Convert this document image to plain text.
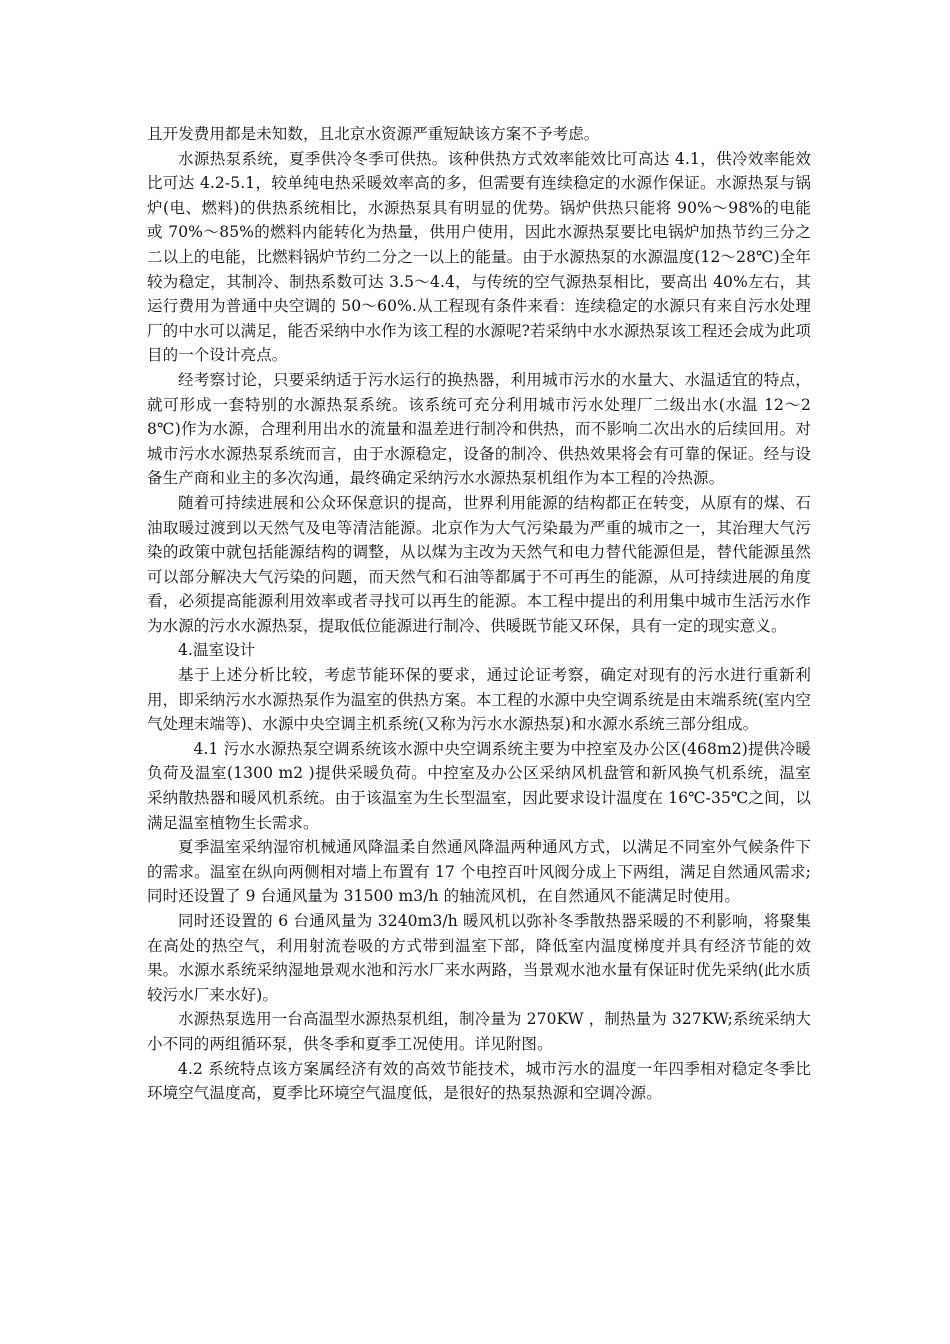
且开发费用都是未知数，且北京水资源严重短缺该方案不予考虑。

水源热泵系统，夏季供冷冬季可供热。该种供热方式效率能效比可高达 4.1，供冷效率能效比可达 4.2-5.1，较单纯电热采暖效率高的多，但需要有连续稳定的水源作保证。水源热泵与锅炉(电、燃料)的供热系统相比，水源热泵具有明显的优势。锅炉供热只能将 90%～98%的电能或 70%～85%的燃料内能转化为热量，供用户使用，因此水源热泵要比电锅炉加热节约三分之二以上的电能，比燃料锅炉节约二分之一以上的能量。由于水源热泵的水源温度(12～28℃)全年较为稳定，其制冷、制热系数可达 3.5～4.4，与传统的空气源热泵相比，要高出 40%左右，其运行费用为普通中央空调的 50～60%.从工程现有条件来看：连续稳定的水源只有来自污水处理厂的中水可以满足，能否采纳中水作为该工程的水源呢?若采纳中水水源热泵该工程还会成为此项目的一个设计亮点。

经考察讨论，只要采纳适于污水运行的换热器，利用城市污水的水量大、水温适宜的特点，就可形成一套特别的水源热泵系统。该系统可充分利用城市污水处理厂二级出水(水温 12～28℃)作为水源，合理利用出水的流量和温差进行制冷和供热，而不影响二次出水的后续回用。对城市污水水源热泵系统而言，由于水源稳定，设备的制冷、供热效果将会有可靠的保证。经与设备生产商和业主的多次沟通，最终确定采纳污水水源热泵机组作为本工程的冷热源。

随着可持续进展和公众环保意识的提高，世界利用能源的结构都正在转变，从原有的煤、石油取暖过渡到以天然气及电等清洁能源。北京作为大气污染最为严重的城市之一，其治理大气污染的政策中就包括能源结构的调整，从以煤为主改为天然气和电力替代能源但是，替代能源虽然可以部分解决大气污染的问题，而天然气和石油等都属于不可再生的能源，从可持续进展的角度看，必须提高能源利用效率或者寻找可以再生的能源。本工程中提出的利用集中城市生活污水作为水源的污水水源热泵，提取低位能源进行制冷、供暖既节能又环保，具有一定的现实意义。

4.温室设计

基于上述分析比较，考虑节能环保的要求，通过论证考察，确定对现有的污水进行重新利用，即采纳污水水源热泵作为温室的供热方案。本工程的水源中央空调系统是由末端系统(室内空气处理末端等)、水源中央空调主机系统(又称为污水水源热泵)和水源水系统三部分组成。

4.1 污水水源热泵空调系统该水源中央空调系统主要为中控室及办公区(468m2)提供冷暖负荷及温室(1300 m2 )提供采暖负荷。中控室及办公区采纳风机盘管和新风换气机系统，温室采纳散热器和暖风机系统。由于该温室为生长型温室，因此要求设计温度在 16℃-35℃之间，以满足温室植物生长需求。

夏季温室采纳湿帘机械通风降温柔自然通风降温两种通风方式，以满足不同室外气候条件下的需求。温室在纵向两侧相对墙上布置有 17 个电控百叶风阀分成上下两组，满足自然通风需求;同时还设置了 9 台通风量为 31500 m3/h 的轴流风机，在自然通风不能满足时使用。

同时还设置的 6 台通风量为 3240m3/h 暖风机以弥补冬季散热器采暖的不利影响，将聚集在高处的热空气，利用射流卷吸的方式带到温室下部，降低室内温度梯度并具有经济节能的效果。水源水系统采纳湿地景观水池和污水厂来水两路，当景观水池水量有保证时优先采纳(此水质较污水厂来水好)。

水源热泵选用一台高温型水源热泵机组，制冷量为 270KW ，制热量为 327KW;系统采纳大小不同的两组循环泵，供冬季和夏季工况使用。详见附图。

4.2 系统特点该方案属经济有效的高效节能技术，城市污水的温度一年四季相对稳定冬季比环境空气温度高，夏季比环境空气温度低，是很好的热泵热源和空调冷源。
